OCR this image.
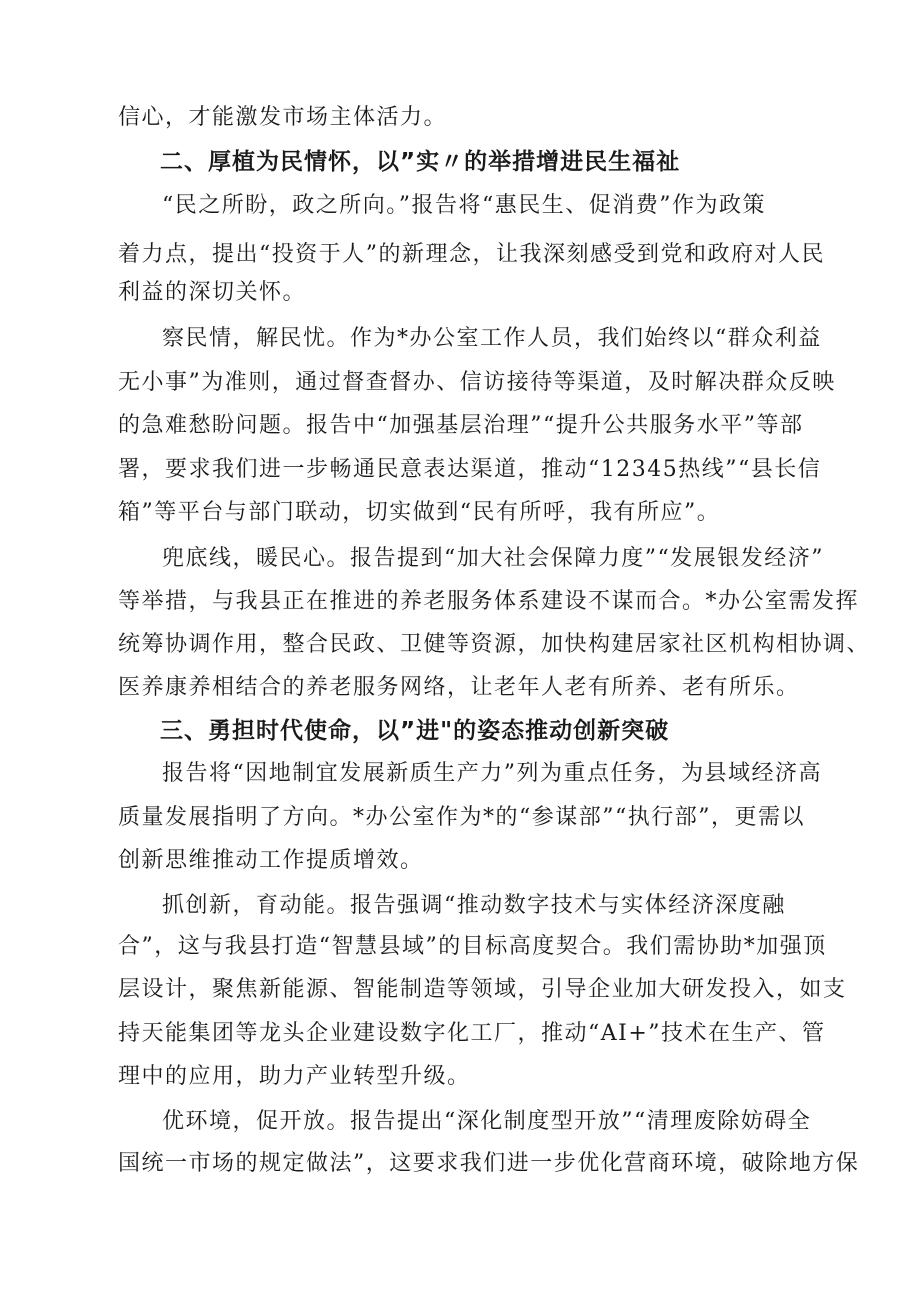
信心，才能激发市场主体活力。
二、厚植为民情怀，以”实〃的举措增进民生福祉
“民之所盼，政之所向。”报告将“惠民生、促消费”作为政策
着力点，提出“投资于人”的新理念，让我深刻感受到党和政府对人民
利益的深切关怀。
察民情，解民忧。作为*办公室工作人员，我们始终以“群众利益
无小事”为准则，通过督查督办、信访接待等渠道，及时解决群众反映
的急难愁盼问题。报告中“加强基层治理”“提升公共服务水平”等部
署，要求我们进一步畅通民意表达渠道，推动“12345热线”“县长信
箱”等平台与部门联动，切实做到“民有所呼，我有所应”。
兜底线，暖民心。报告提到“加大社会保障力度”“发展银发经济”
等举措，与我县正在推进的养老服务体系建设不谋而合。*办公室需发挥
统筹协调作用，整合民政、卫健等资源，加快构建居家社区机构相协调、
医养康养相结合的养老服务网络，让老年人老有所养、老有所乐。
三、勇担时代使命，以”进"的姿态推动创新突破
报告将“因地制宜发展新质生产力”列为重点任务，为县域经济高
质量发展指明了方向。*办公室作为*的“参谋部”“执行部”，更需以
创新思维推动工作提质增效。
抓创新，育动能。报告强调“推动数字技术与实体经济深度融
合”，这与我县打造“智慧县域”的目标高度契合。我们需协助*加强顶
层设计，聚焦新能源、智能制造等领域，引导企业加大研发投入，如支
持天能集团等龙头企业建设数字化工厂，推动“AI+”技术在生产、管
理中的应用，助力产业转型升级。
优环境，促开放。报告提出“深化制度型开放”“清理废除妨碍全
国统一市场的规定做法”，这要求我们进一步优化营商环境，破除地方保
